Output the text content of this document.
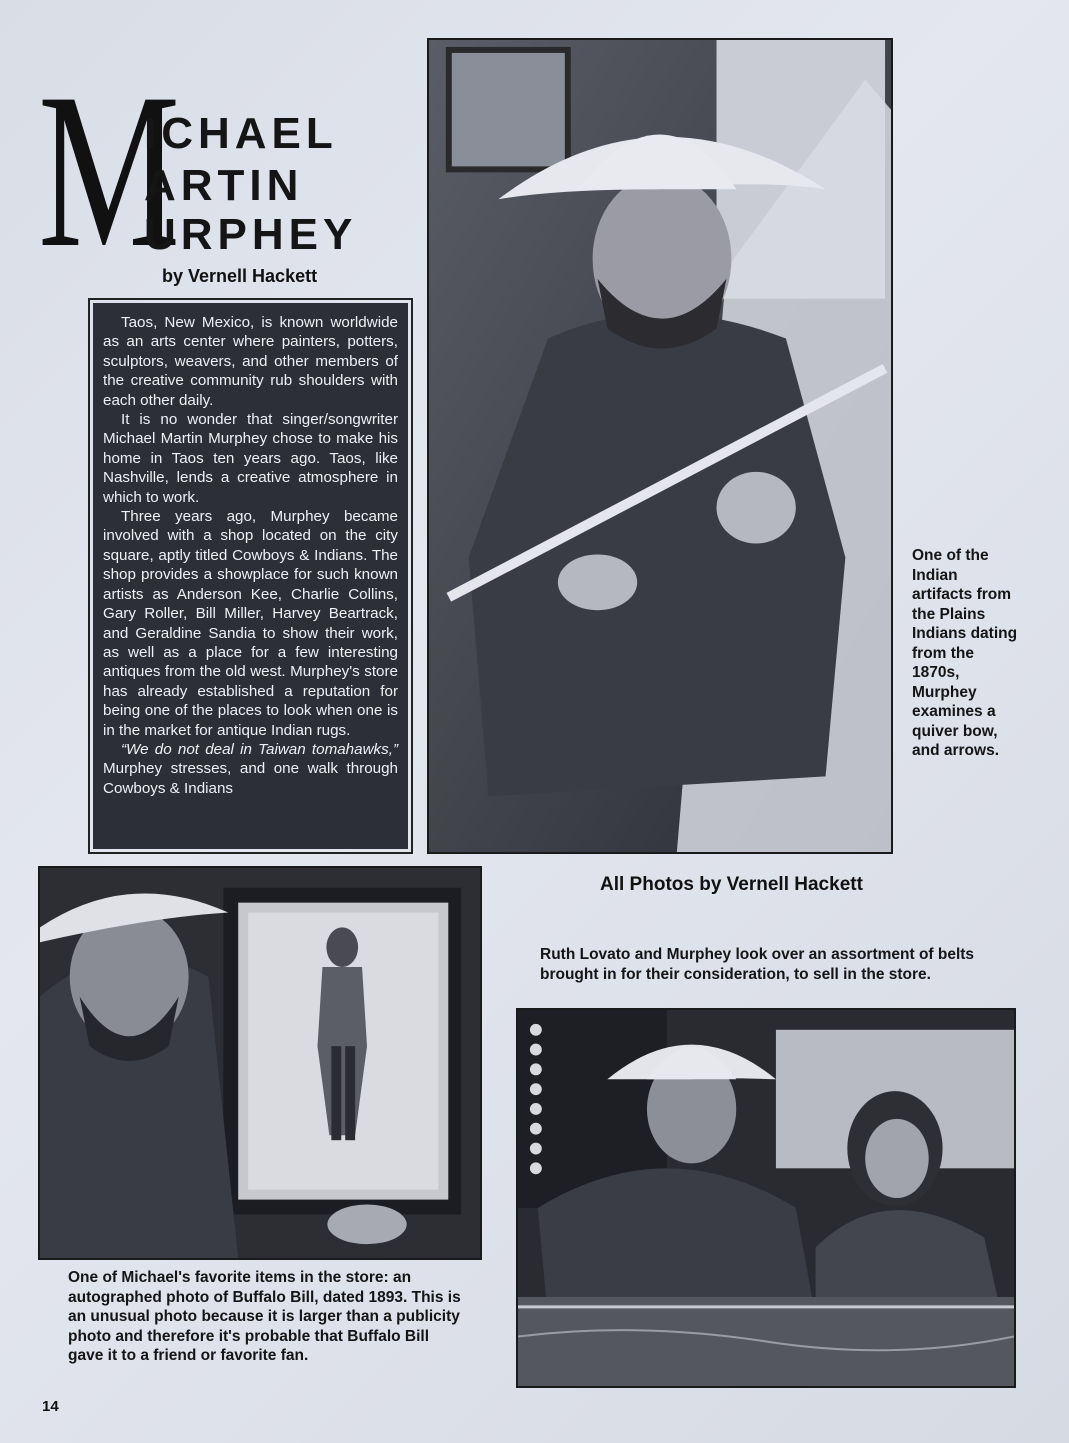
M
ICHAEL
ARTIN
URPHEY
by Vernell Hackett

Taos, New Mexico, is known worldwide as an arts center where painters, potters, sculptors, weavers, and other members of the creative community rub shoulders with each other daily.

It is no wonder that singer/songwriter Michael Martin Murphey chose to make his home in Taos ten years ago. Taos, like Nashville, lends a creative atmosphere in which to work.

Three years ago, Murphey became involved with a shop located on the city square, aptly titled Cowboys & Indians. The shop provides a showplace for such known artists as Anderson Kee, Charlie Collins, Gary Roller, Bill Miller, Harvey Beartrack, and Geraldine Sandia to show their work, as well as a place for a few interesting antiques from the old west. Murphey's store has already established a reputation for being one of the places to look when one is in the market for antique Indian rugs.

“We do not deal in Taiwan tomahawks,” Murphey stresses, and one walk through Cowboys & Indians

One of the Indian artifacts from the Plains Indians dating from the 1870s, Murphey examines a quiver bow, and arrows.
All Photos by Vernell Hackett
One of Michael's favorite items in the store: an autographed photo of Buffalo Bill, dated 1893. This is an unusual photo because it is larger than a publicity photo and therefore it's probable that Buffalo Bill gave it to a friend or favorite fan.
Ruth Lovato and Murphey look over an assortment of belts brought in for their consideration, to sell in the store.
14
